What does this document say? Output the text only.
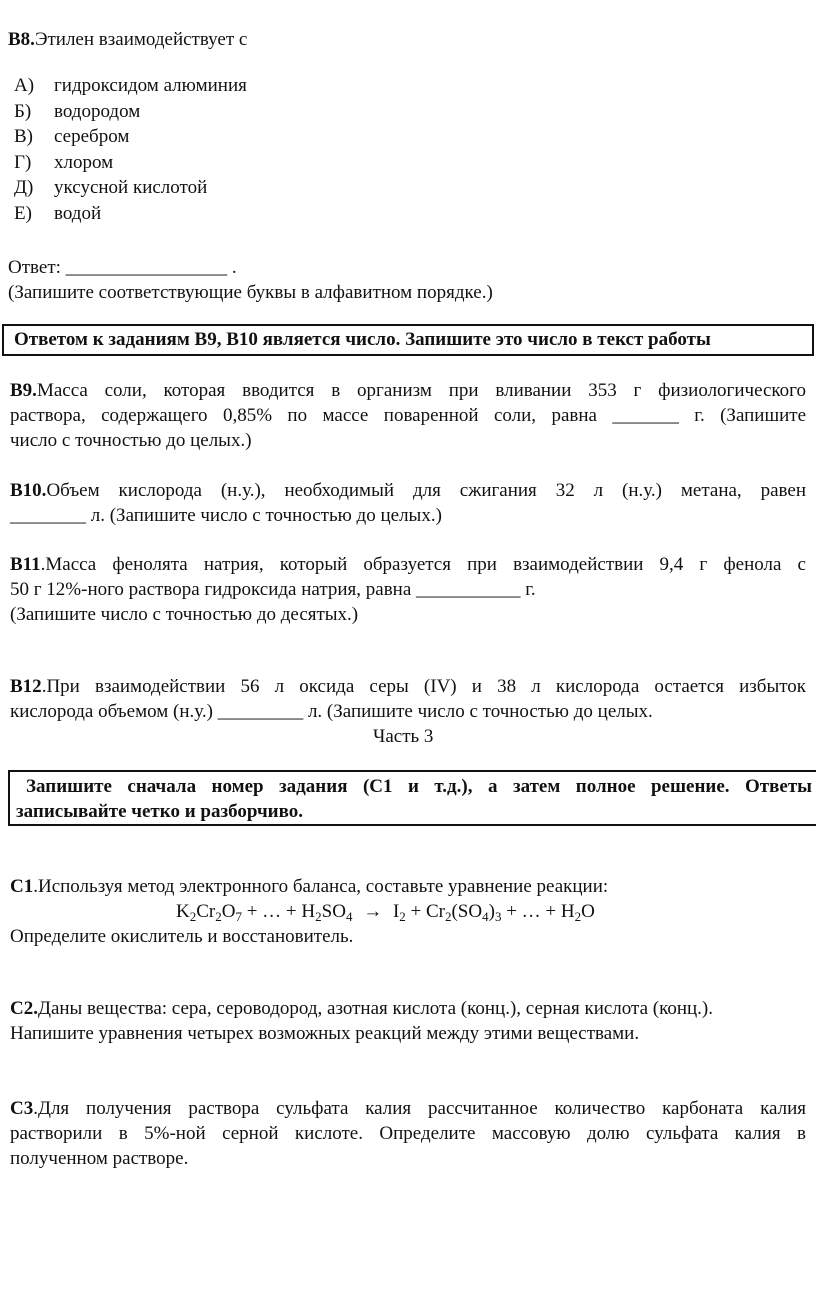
В8.Этилен взаимодействует с
А) гидроксидом алюминия
Б) водородом
В) серебром
Г) хлором
Д) уксусной кислотой
Е) водой
Ответ: _________________ .
(Запишите соответствующие буквы в алфавитном порядке.)
Ответом к заданиям В9, В10 является число. Запишите это число в текст работы
В9.Масса соли, которая вводится в организм при вливании 353 г физиологического
раствора, содержащего 0,85% по массе поваренной соли, равна _______ г. (Запишите
число с точностью до целых.)
В10.Объем кислорода (н.у.), необходимый для сжигания 32 л (н.у.) метана, равен
________ л. (Запишите число с точностью до целых.)
В11.Масса фенолята натрия, который образуется при взаимодействии 9,4 г фенола с
50 г 12%-ного раствора гидроксида натрия, равна ___________ г.
(Запишите число с точностью до десятых.)
В12.При взаимодействии 56 л оксида серы (IV) и 38 л кислорода остается избыток
кислорода объемом (н.у.) _________ л. (Запишите число с точностью до целых.
Часть 3
Запишите сначала номер задания (С1 и т.д.), а затем полное решение. Ответы
записывайте четко и разборчиво.
С1.Используя метод электронного баланса, составьте уравнение реакции:
$K_2Cr_2O_7$ + … + $H_2SO_4 \to I_2 + Cr_2(SO_4)_3$ + … + $H_2O$
Определите окислитель и восстановитель.
С2.Даны вещества: сера, сероводород, азотная кислота (конц.), серная кислота (конц.).
Напишите уравнения четырех возможных реакций между этими веществами.
С3.Для получения раствора сульфата калия рассчитанное количество карбоната калия
растворили в 5%-ной серной кислоте. Определите массовую долю сульфата калия в
полученном растворе.
